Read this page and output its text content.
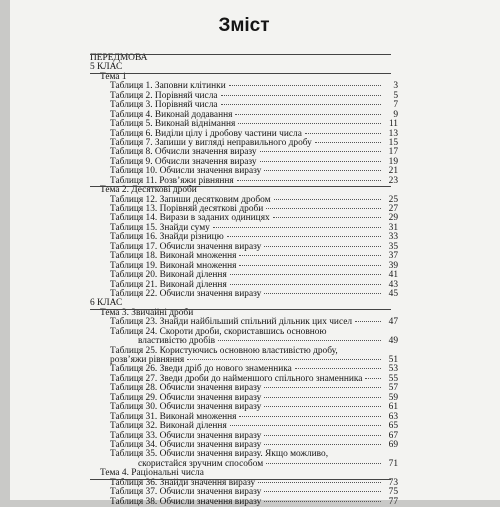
Зміст
ПЕРЕДМОВА
5 КЛАС
Тема 1
Таблиця 1. Заповни клітинки	3
Таблиця 2. Порівняй числа	5
Таблиця 3. Порівняй числа	7
Таблиця 4. Виконай додавання	9
Таблиця 5. Виконай віднімання	11
Таблиця 6. Виділи цілу і дробову частини числа	13
Таблиця 7. Запиши у вигляді неправильного дробу	15
Таблиця 8. Обчисли значення виразу	17
Таблиця 9. Обчисли значення виразу	19
Таблиця 10. Обчисли значення виразу	21
Таблиця 11. Розв’яжи рівняння	23
Тема 2. Десяткові дроби
Таблиця 12. Запиши десятковим дробом	25
Таблиця 13. Порівняй десяткові дроби	27
Таблиця 14. Вирази в заданих одиницях	29
Таблиця 15. Знайди суму	31
Таблиця 16. Знайди різницю	33
Таблиця 17. Обчисли значення виразу	35
Таблиця 18. Виконай множення	37
Таблиця 19. Виконай множення	39
Таблиця 20. Виконай ділення	41
Таблиця 21. Виконай ділення	43
Таблиця 22. Обчисли значення виразу	45
6 КЛАС
Тема 3. Звичайні дроби
Таблиця 23. Знайди найбільший спільний дільник цих чисел	47
Таблиця 24. Скороти дроби, скориставшись основною
властивістю дробів	49
Таблиця 25. Користуючись основною властивістю дробу,
розв’яжи рівняння	51
Таблиця 26. Зведи дріб до нового знаменника	53
Таблиця 27. Зведи дроби до найменшого спільного знаменника	55
Таблиця 28. Обчисли значення виразу	57
Таблиця 29. Обчисли значення виразу	59
Таблиця 30. Обчисли значення виразу	61
Таблиця 31. Виконай множення	63
Таблиця 32. Виконай ділення	65
Таблиця 33. Обчисли значення виразу	67
Таблиця 34. Обчисли значення виразу	69
Таблиця 35. Обчисли значення виразу. Якщо можливо,
скористайся зручним способом	71
Тема 4. Раціональні числа
Таблиця 36. Знайди значення виразу	73
Таблиця 37. Обчисли значення виразу	75
Таблиця 38. Обчисли значення виразу	77
